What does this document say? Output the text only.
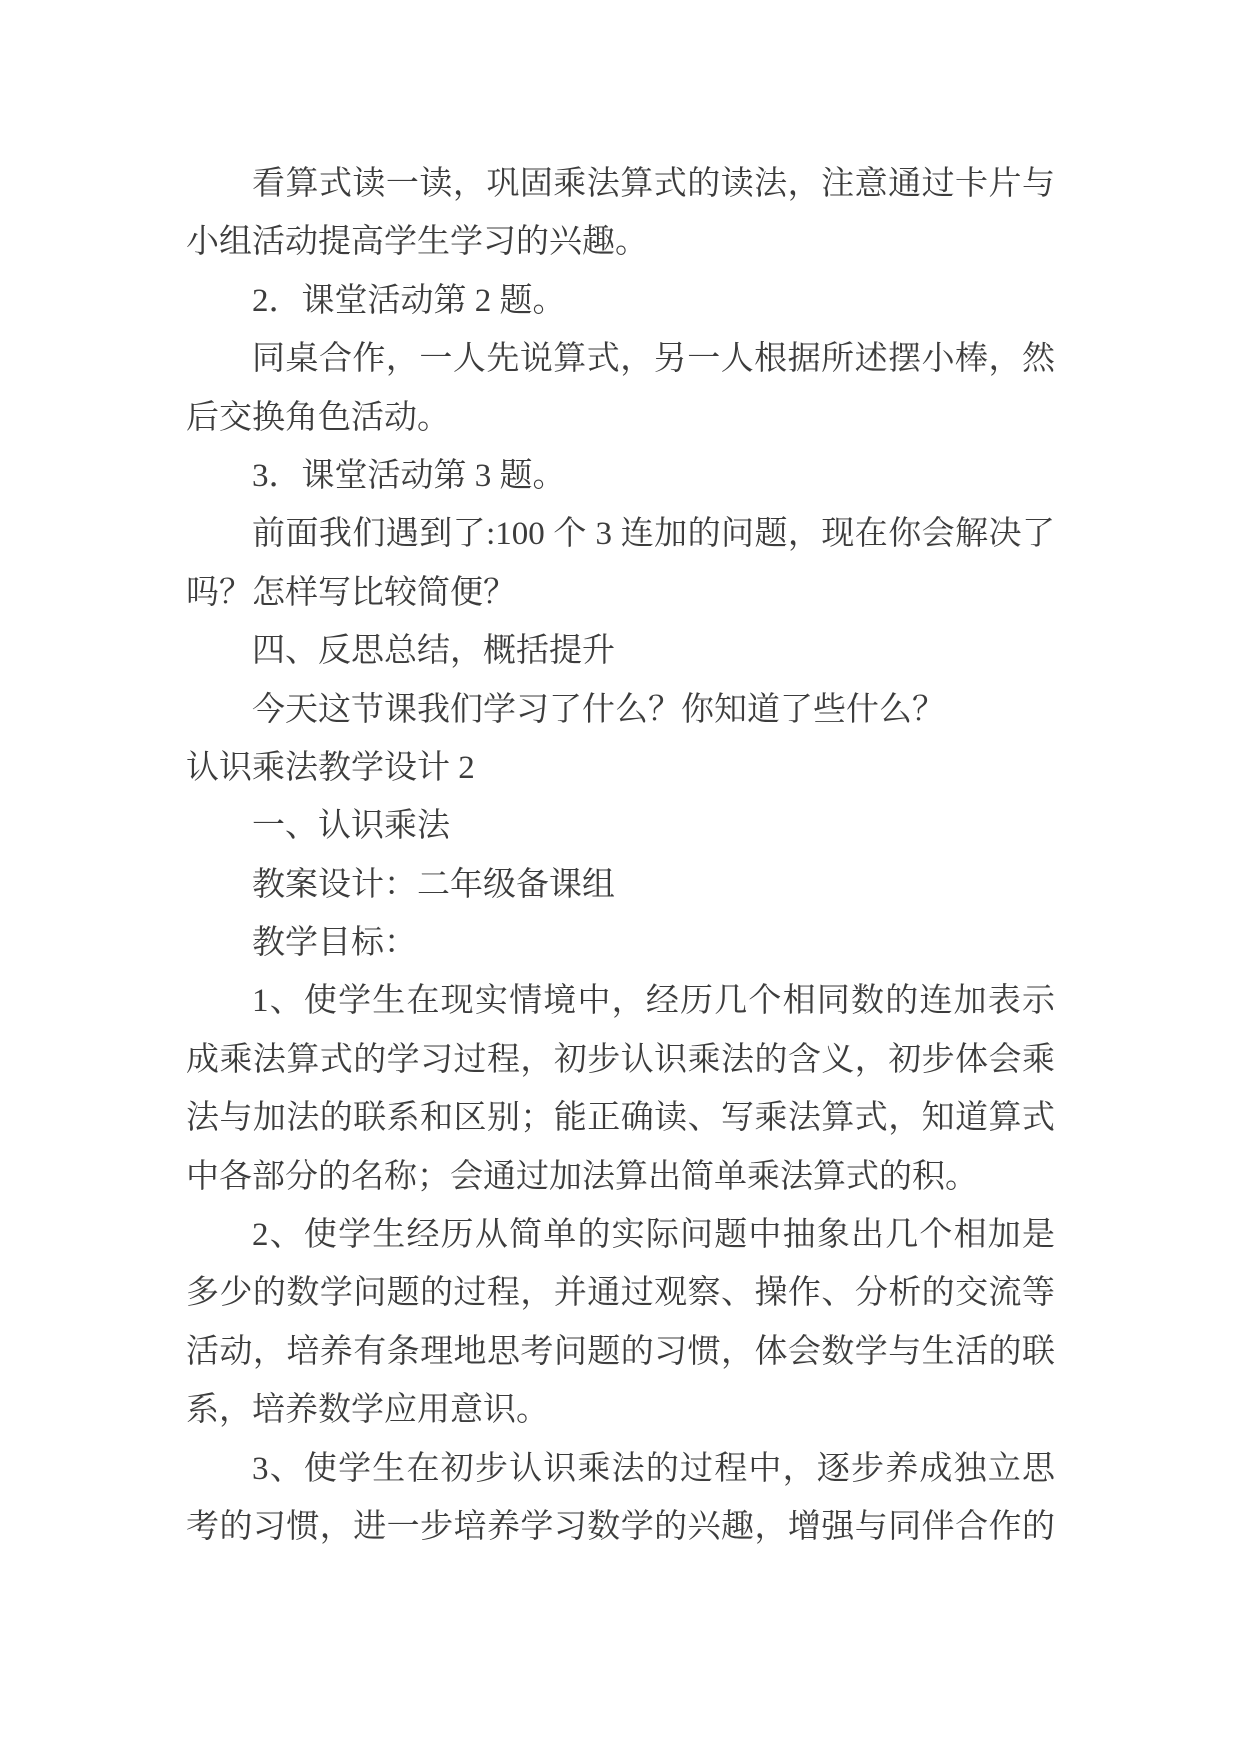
看算式读一读，巩固乘法算式的读法，注意通过卡片与
小组活动提高学生学习的兴趣。
2．课堂活动第 2 题。
同桌合作，一人先说算式，另一人根据所述摆小棒，然
后交换角色活动。
3．课堂活动第 3 题。
前面我们遇到了:100 个 3 连加的问题，现在你会解决了
吗？怎样写比较简便？
四、反思总结，概括提升
今天这节课我们学习了什么？你知道了些什么？
认识乘法教学设计 2
一、认识乘法
教案设计：二年级备课组
教学目标：
1、使学生在现实情境中，经历几个相同数的连加表示
成乘法算式的学习过程，初步认识乘法的含义，初步体会乘
法与加法的联系和区别；能正确读、写乘法算式，知道算式
中各部分的名称；会通过加法算出简单乘法算式的积。
2、使学生经历从简单的实际问题中抽象出几个相加是
多少的数学问题的过程，并通过观察、操作、分析的交流等
活动，培养有条理地思考问题的习惯，体会数学与生活的联
系，培养数学应用意识。
3、使学生在初步认识乘法的过程中，逐步养成独立思
考的习惯，进一步培养学习数学的兴趣，增强与同伴合作的
